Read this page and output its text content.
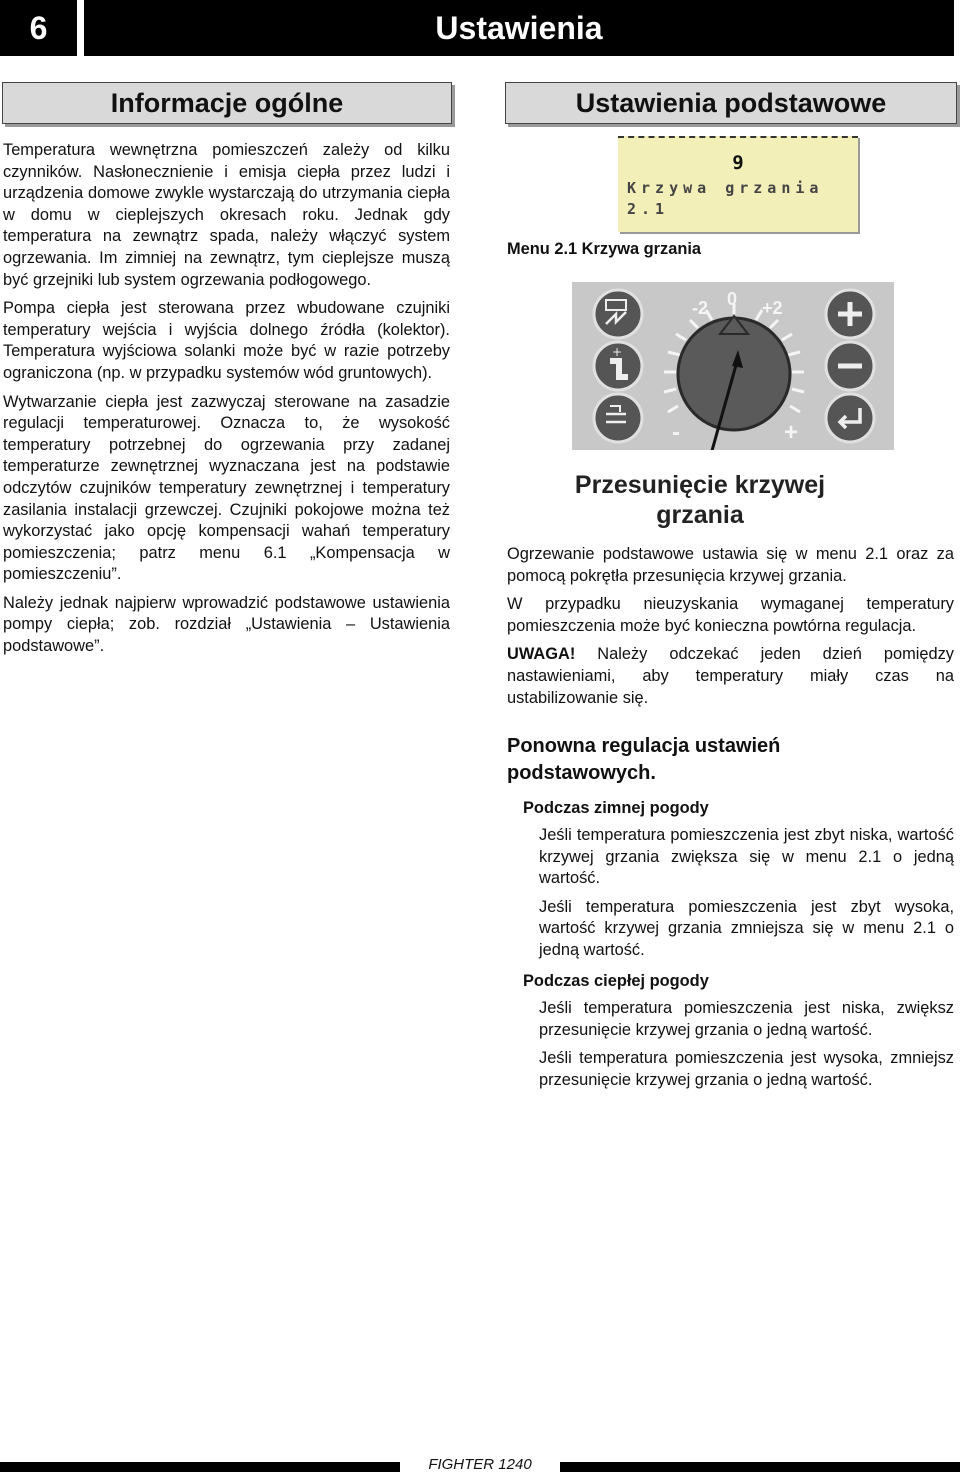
6	Ustawienia
Informacje ogólne

Temperatura wewnętrzna pomieszczeń zależy od kilku czynników. Nasłonecznienie i emisja ciepła przez ludzi i urządzenia domowe zwykle wystarczają do utrzymania ciepła w domu w cieplejszych okresach roku. Jednak gdy temperatura na zewnątrz spada, należy włączyć system ogrzewania. Im zimniej na zewnątrz, tym cieplejsze muszą być grzejniki lub system ogrzewania podłogowego.

Pompa ciepła jest sterowana przez wbudowane czujniki temperatury wejścia i wyjścia dolnego źródła (kolektor). Temperatura wyjściowa solanki może być w razie potrzeby ograniczona (np. w przypadku systemów wód gruntowych).

Wytwarzanie ciepła jest zazwyczaj sterowane na zasadzie regulacji temperaturowej. Oznacza to, że wysokość temperatury potrzebnej do ogrzewania przy zadanej temperaturze zewnętrznej wyznaczana jest na podstawie odczytów czujników temperatury zewnętrznej i temperatury zasilania instalacji grzewczej. Czujniki pokojowe można też wykorzystać jako opcję kompensacji wahań temperatury pomieszczenia; patrz menu 6.1 „Kompensacja w pomieszczeniu”.

Należy jednak najpierw wprowadzić podstawowe ustawienia pompy ciepła; zob. rozdział „Ustawienia – Ustawienia podstawowe”.

Ustawienia podstawowe
9
Krzywa grzania
2.1
Menu 2.1 Krzywa grzania
+
-2 0 +2
-	+
Przesunięcie krzywej grzania

Ogrzewanie podstawowe ustawia się w menu 2.1 oraz za pomocą pokrętła przesunięcia krzywej grzania.

W przypadku nieuzyskania wymaganej temperatury pomieszczenia może być konieczna powtórna regulacja.

UWAGA! Należy odczekać jeden dzień pomiędzy nastawieniami, aby temperatury miały czas na ustabilizowanie się.

Ponowna regulacja ustawień podstawowych.
Podczas zimnej pogody

Jeśli temperatura pomieszczenia jest zbyt niska, wartość krzywej grzania zwiększa się w menu 2.1 o jedną wartość.

Jeśli temperatura pomieszczenia jest zbyt wysoka, wartość krzywej grzania zmniejsza się w menu 2.1 o jedną wartość.

Podczas ciepłej pogody

Jeśli temperatura pomieszczenia jest niska, zwiększ przesunięcie krzywej grzania o jedną wartość.

Jeśli temperatura pomieszczenia jest wysoka, zmniejsz przesunięcie krzywej grzania o jedną wartość.

FIGHTER 1240
